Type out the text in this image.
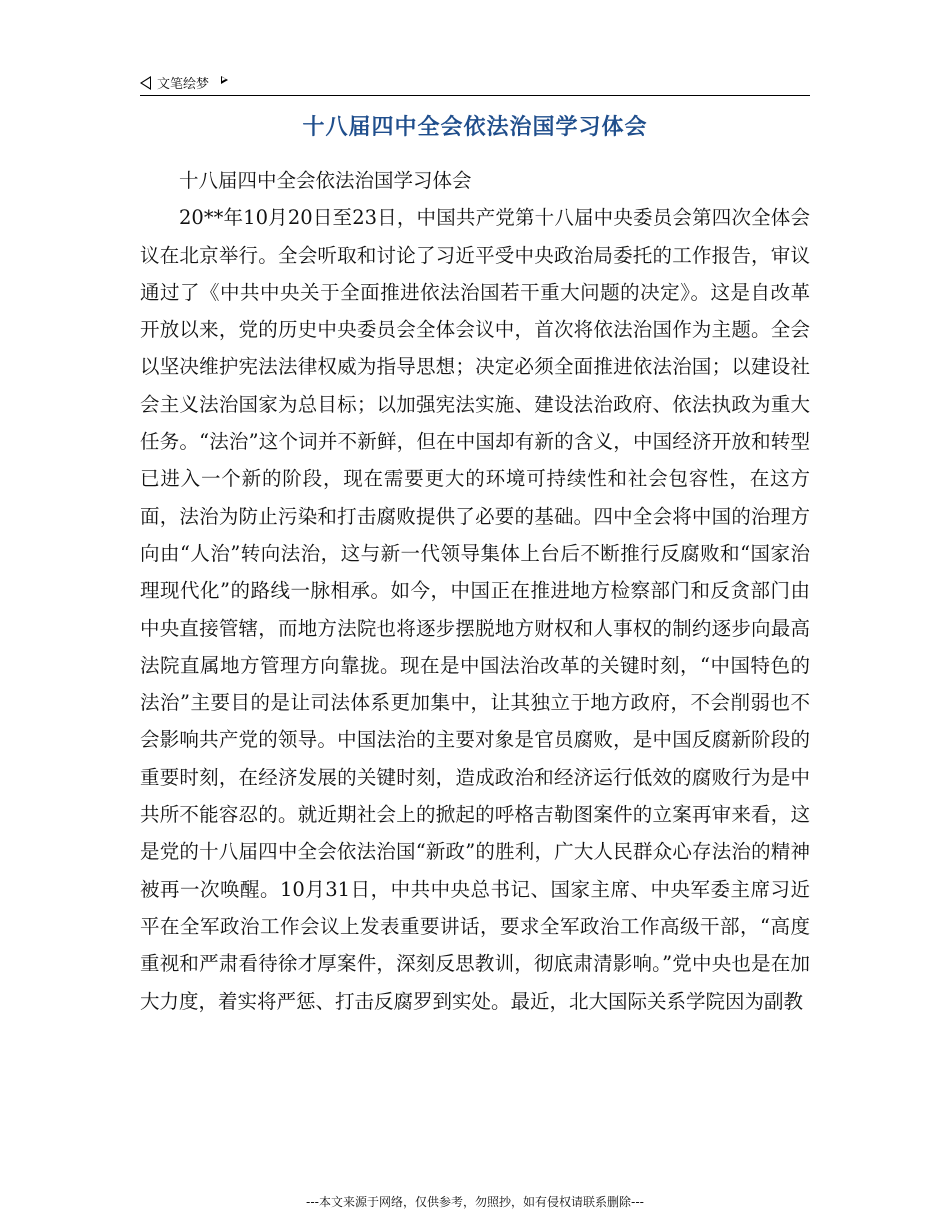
文笔绘梦
十八届四中全会依法治国学习体会

十八届四中全会依法治国学习体会

20**年10月20日至23日，中国共产党第十八届中央委员会第四次全体会议在北京举行。全会听取和讨论了习近平受中央政治局委托的工作报告，审议通过了《中共中央关于全面推进依法治国若干重大问题的决定》。这是自改革开放以来，党的历史中央委员会全体会议中，首次将依法治国作为主题。全会以坚决维护宪法法律权威为指导思想；决定必须全面推进依法治国；以建设社会主义法治国家为总目标；以加强宪法实施、建设法治政府、依法执政为重大任务。“法治”这个词并不新鲜，但在中国却有新的含义，中国经济开放和转型已进入一个新的阶段，现在需要更大的环境可持续性和社会包容性，在这方面，法治为防止污染和打击腐败提供了必要的基础。四中全会将中国的治理方向由“人治”转向法治，这与新一代领导集体上台后不断推行反腐败和“国家治理现代化”的路线一脉相承。如今，中国正在推进地方检察部门和反贪部门由中央直接管辖，而地方法院也将逐步摆脱地方财权和人事权的制约逐步向最高法院直属地方管理方向靠拢。现在是中国法治改革的关键时刻，“中国特色的法治”主要目的是让司法体系更加集中，让其独立于地方政府，不会削弱也不会影响共产党的领导。中国法治的主要对象是官员腐败，是中国反腐新阶段的重要时刻，在经济发展的关键时刻，造成政治和经济运行低效的腐败行为是中共所不能容忍的。就近期社会上的掀起的呼格吉勒图案件的立案再审来看，这是党的十八届四中全会依法治国“新政”的胜利，广大人民群众心存法治的精神被再一次唤醒。10月31日，中共中央总书记、国家主席、中央军委主席习近平在全军政治工作会议上发表重要讲话，要求全军政治工作高级干部，“高度重视和严肃看待徐才厚案件，深刻反思教训，彻底肃清影响。”党中央也是在加大力度，着实将严惩、打击反腐罗到实处。最近，北大国际关系学院因为副教

---本文来源于网络，仅供参考，勿照抄，如有侵权请联系删除---
